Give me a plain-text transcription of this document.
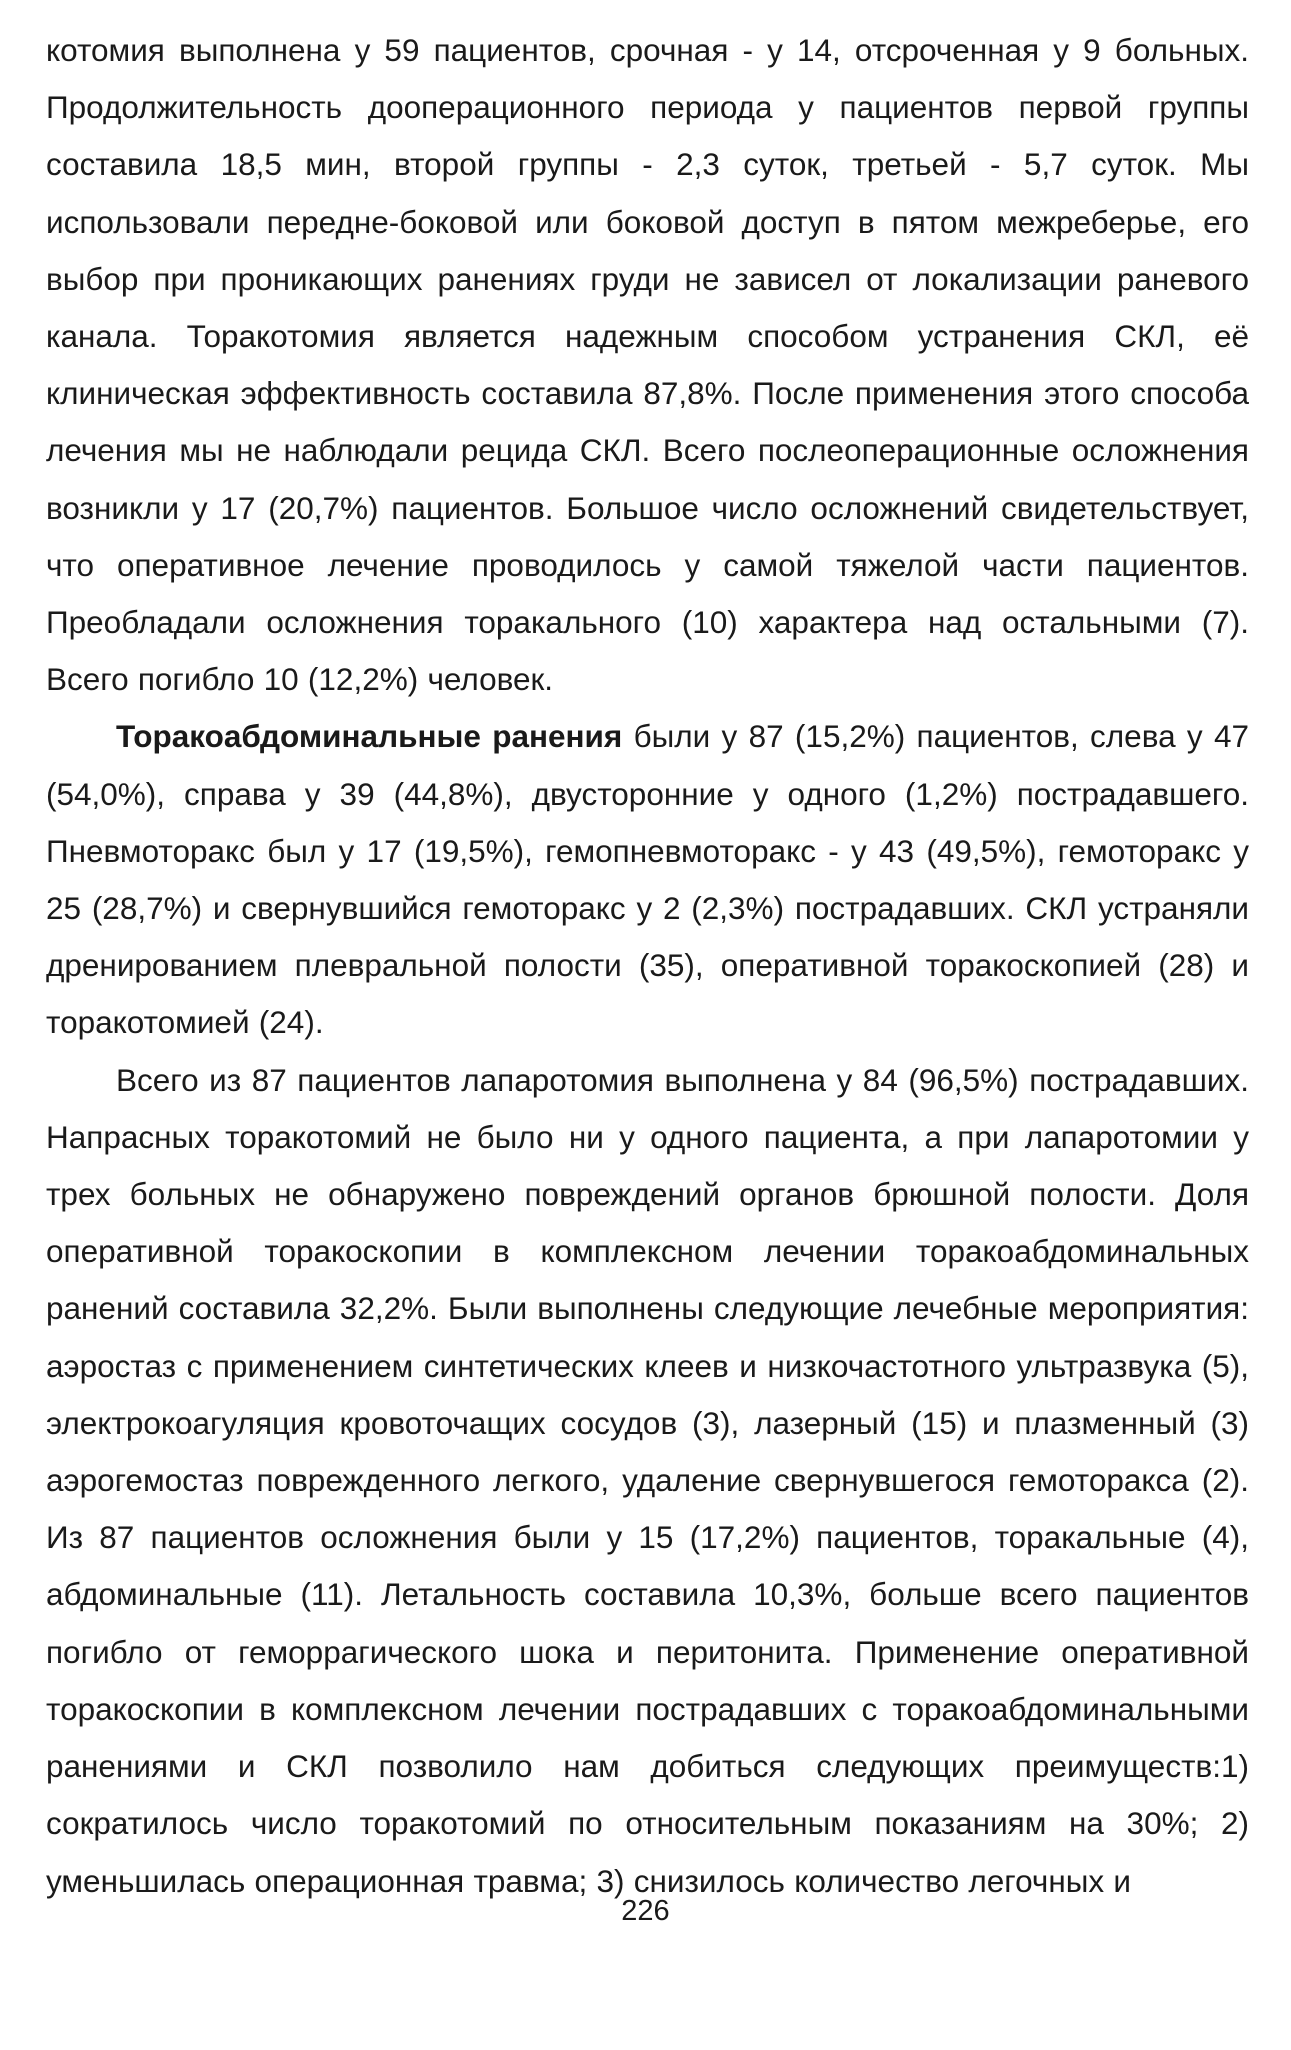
котомия выполнена у 59 пациентов, срочная - у 14, отсроченная у 9 больных. Продолжительность дооперационного периода у пациентов первой группы составила 18,5 мин, второй группы - 2,3 суток, третьей - 5,7 суток. Мы использовали передне-боковой или боковой доступ в пятом межреберье, его выбор при проникающих ранениях груди не зависел от локализации раневого канала. Торакотомия является надежным способом устранения СКЛ, её клиническая эффективность составила 87,8%. После применения этого способа лечения мы не наблюдали рецида СКЛ. Всего послеоперационные осложнения возникли у 17 (20,7%) пациентов. Большое число осложнений свидетельствует, что оперативное лечение проводилось у самой тяжелой части пациентов. Преобладали осложнения торакального (10) характера над остальными (7). Всего погибло 10 (12,2%) человек.

Торакоабдоминальные ранения были у 87 (15,2%) пациентов, слева у 47 (54,0%), справа у 39 (44,8%), двусторонние у одного (1,2%) пострадавшего. Пневмоторакс был у 17 (19,5%), гемопневмоторакс - у 43 (49,5%), гемоторакс у 25 (28,7%) и свернувшийся гемоторакс у 2 (2,3%) пострадавших. СКЛ устраняли дренированием плевральной полости (35), оперативной торакоскопией (28) и торакотомией (24).

Всего из 87 пациентов лапаротомия выполнена у 84 (96,5%) пострадавших. Напрасных торакотомий не было ни у одного пациента, а при лапаротомии у трех больных не обнаружено повреждений органов брюшной полости. Доля оперативной торакоскопии в комплексном лечении торакоабдоминальных ранений составила 32,2%. Были выполнены следующие лечебные мероприятия: аэростаз с применением синтетических клеев и низкочастотного ультразвука (5), электрокоагуляция кровоточащих сосудов (3), лазерный (15) и плазменный (3) аэрогемостаз поврежденного легкого, удаление свернувшегося гемоторакса (2). Из 87 пациентов осложнения были у 15 (17,2%) пациентов, торакальные (4), абдоминальные (11). Летальность составила 10,3%, больше всего пациентов погибло от геморрагического шока и перитонита. Применение оперативной торакоскопии в комплексном лечении пострадавших с торакоабдоминальными ранениями и СКЛ позволило нам добиться следующих преимуществ:1) сократилось число торакотомий по относительным показаниям на 30%; 2) уменьшилась операционная травма; 3) снизилось количество легочных и

226
